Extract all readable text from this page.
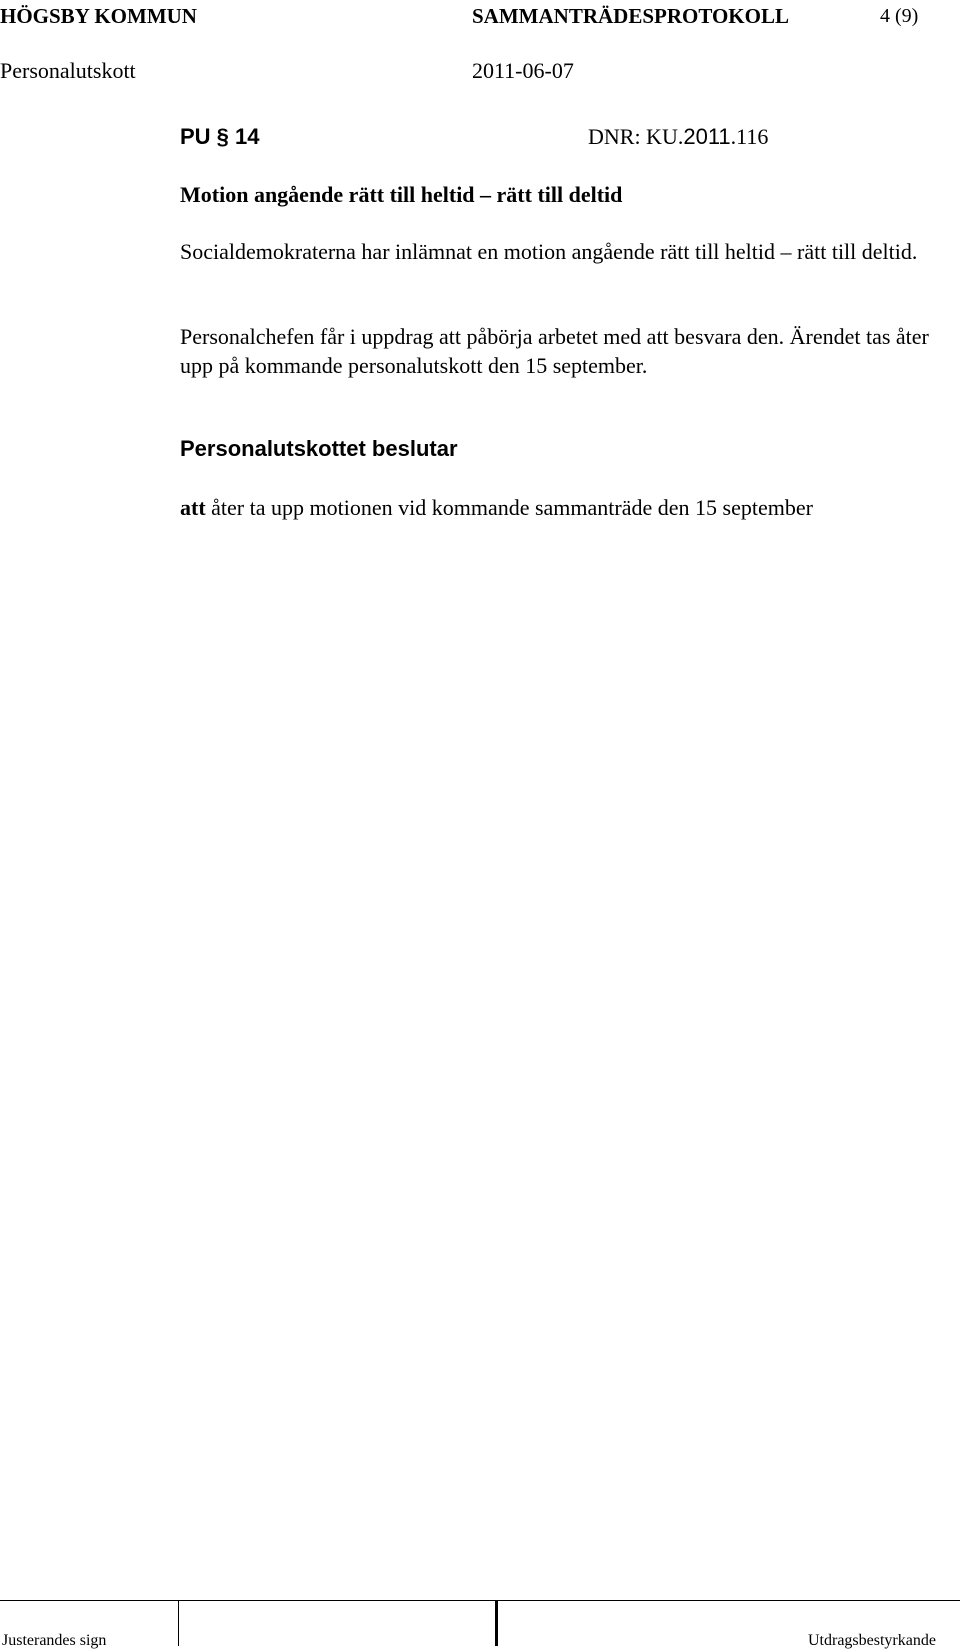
HÖGSBY KOMMUN	SAMMANTRÄDESPROTOKOLL	4 (9)
Personalutskott	2011-06-07
PU § 14	DNR: KU.2011.116
Motion angående rätt till heltid – rätt till deltid
Socialdemokraterna har inlämnat en motion angående rätt till heltid – rätt till deltid.
Personalchefen får i uppdrag att påbörja arbetet med att besvara den. Ärendet tas åter upp på kommande personalutskott den 15 september.
Personalutskottet beslutar
att åter ta upp motionen vid kommande sammanträde den 15 september
Justerandes sign	Utdragsbestyrkande
